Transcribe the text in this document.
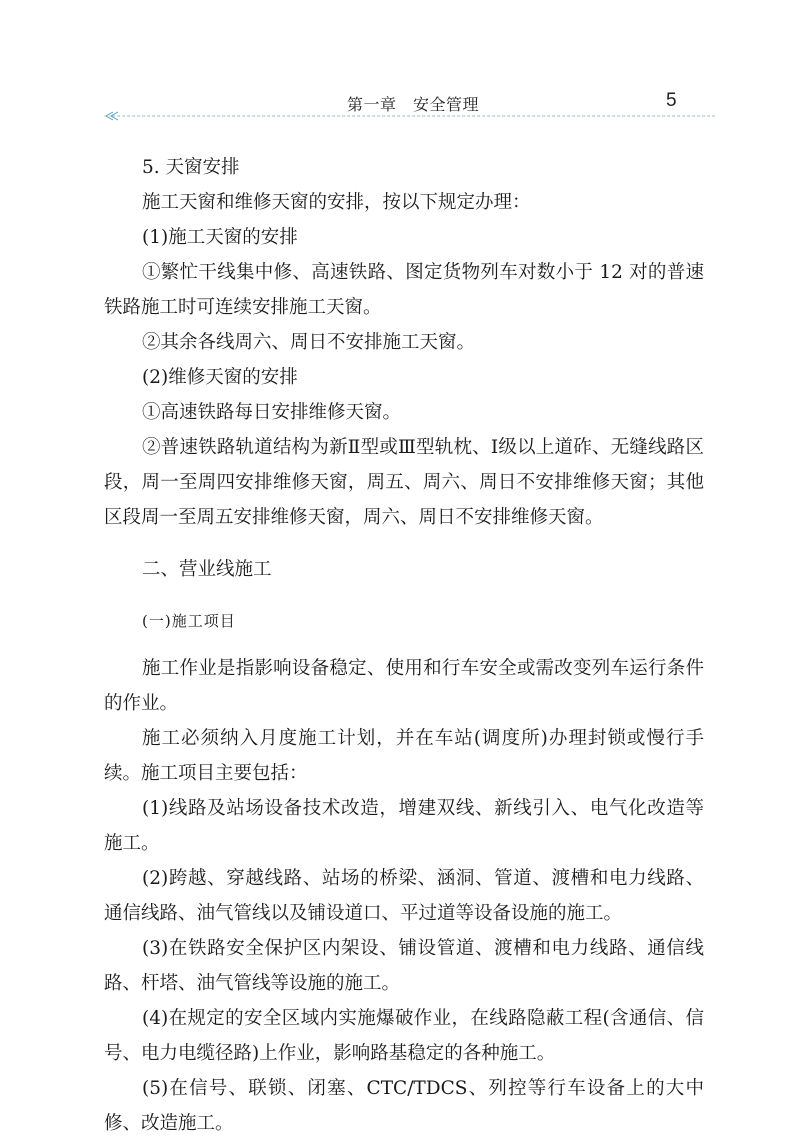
第一章　安全管理	5

5. 天窗安排

施工天窗和维修天窗的安排，按以下规定办理：

(1)施工天窗的安排

①繁忙干线集中修、高速铁路、图定货物列车对数小于 12 对的普速铁路施工时可连续安排施工天窗。

②其余各线周六、周日不安排施工天窗。

(2)维修天窗的安排

①高速铁路每日安排维修天窗。

②普速铁路轨道结构为新Ⅱ型或Ⅲ型轨枕、Ⅰ级以上道砟、无缝线路区段，周一至周四安排维修天窗，周五、周六、周日不安排维修天窗；其他区段周一至周五安排维修天窗，周六、周日不安排维修天窗。

二、营业线施工

(一)施工项目

施工作业是指影响设备稳定、使用和行车安全或需改变列车运行条件的作业。

施工必须纳入月度施工计划，并在车站(调度所)办理封锁或慢行手续。施工项目主要包括：

(1)线路及站场设备技术改造，增建双线、新线引入、电气化改造等施工。

(2)跨越、穿越线路、站场的桥梁、涵洞、管道、渡槽和电力线路、通信线路、油气管线以及铺设道口、平过道等设备设施的施工。

(3)在铁路安全保护区内架设、铺设管道、渡槽和电力线路、通信线路、杆塔、油气管线等设施的施工。

(4)在规定的安全区域内实施爆破作业，在线路隐蔽工程(含通信、信号、电力电缆径路)上作业，影响路基稳定的各种施工。

(5)在信号、联锁、闭塞、CTC/TDCS、列控等行车设备上的大中修、改造施工。
